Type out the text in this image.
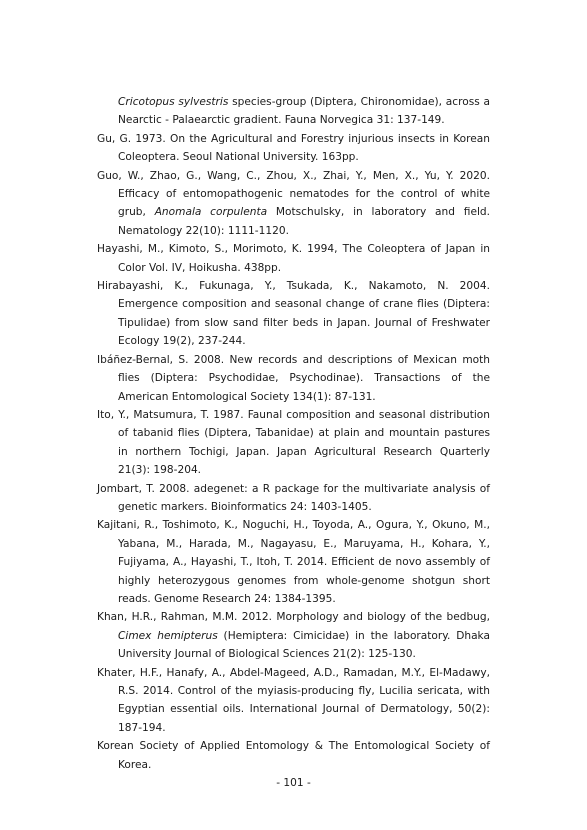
Cricotopus sylvestris species-group (Diptera, Chironomidae), across a Nearctic - Palaearctic gradient. Fauna Norvegica 31: 137-149.

Gu, G. 1973. On the Agricultural and Forestry injurious insects in Korean Coleoptera. Seoul National University. 163pp.

Guo, W., Zhao, G., Wang, C., Zhou, X., Zhai, Y., Men, X., Yu, Y. 2020. Efficacy of entomopathogenic nematodes for the control of white grub, Anomala corpulenta Motschulsky, in laboratory and field. Nematology 22(10): 1111-1120.

Hayashi, M., Kimoto, S., Morimoto, K. 1994, The Coleoptera of Japan in Color Vol. IV, Hoikusha. 438pp.

Hirabayashi, K., Fukunaga, Y., Tsukada, K., Nakamoto, N. 2004. Emergence composition and seasonal change of crane flies (Diptera: Tipulidae) from slow sand filter beds in Japan. Journal of Freshwater Ecology 19(2), 237-244.

Ibáñez-Bernal, S. 2008. New records and descriptions of Mexican moth flies (Diptera: Psychodidae, Psychodinae). Transactions of the American Entomological Society 134(1): 87-131.

Ito, Y., Matsumura, T. 1987. Faunal composition and seasonal distribution of tabanid flies (Diptera, Tabanidae) at plain and mountain pastures in northern Tochigi, Japan. Japan Agricultural Research Quarterly 21(3): 198-204.

Jombart, T. 2008. adegenet: a R package for the multivariate analysis of genetic markers. Bioinformatics 24: 1403-1405.

Kajitani, R., Toshimoto, K., Noguchi, H., Toyoda, A., Ogura, Y., Okuno, M., Yabana, M., Harada, M., Nagayasu, E., Maruyama, H., Kohara, Y., Fujiyama, A., Hayashi, T., Itoh, T. 2014. Efficient de novo assembly of highly heterozygous genomes from whole-genome shotgun short reads. Genome Research 24: 1384-1395.

Khan, H.R., Rahman, M.M. 2012. Morphology and biology of the bedbug, Cimex hemipterus (Hemiptera: Cimicidae) in the laboratory. Dhaka University Journal of Biological Sciences 21(2): 125-130.

Khater, H.F., Hanafy, A., Abdel-Mageed, A.D., Ramadan, M.Y., El-Madawy, R.S. 2014. Control of the myiasis-producing fly, Lucilia sericata, with Egyptian essential oils. International Journal of Dermatology, 50(2): 187-194.

Korean Society of Applied Entomology & The Entomological Society of Korea.

- 101 -
